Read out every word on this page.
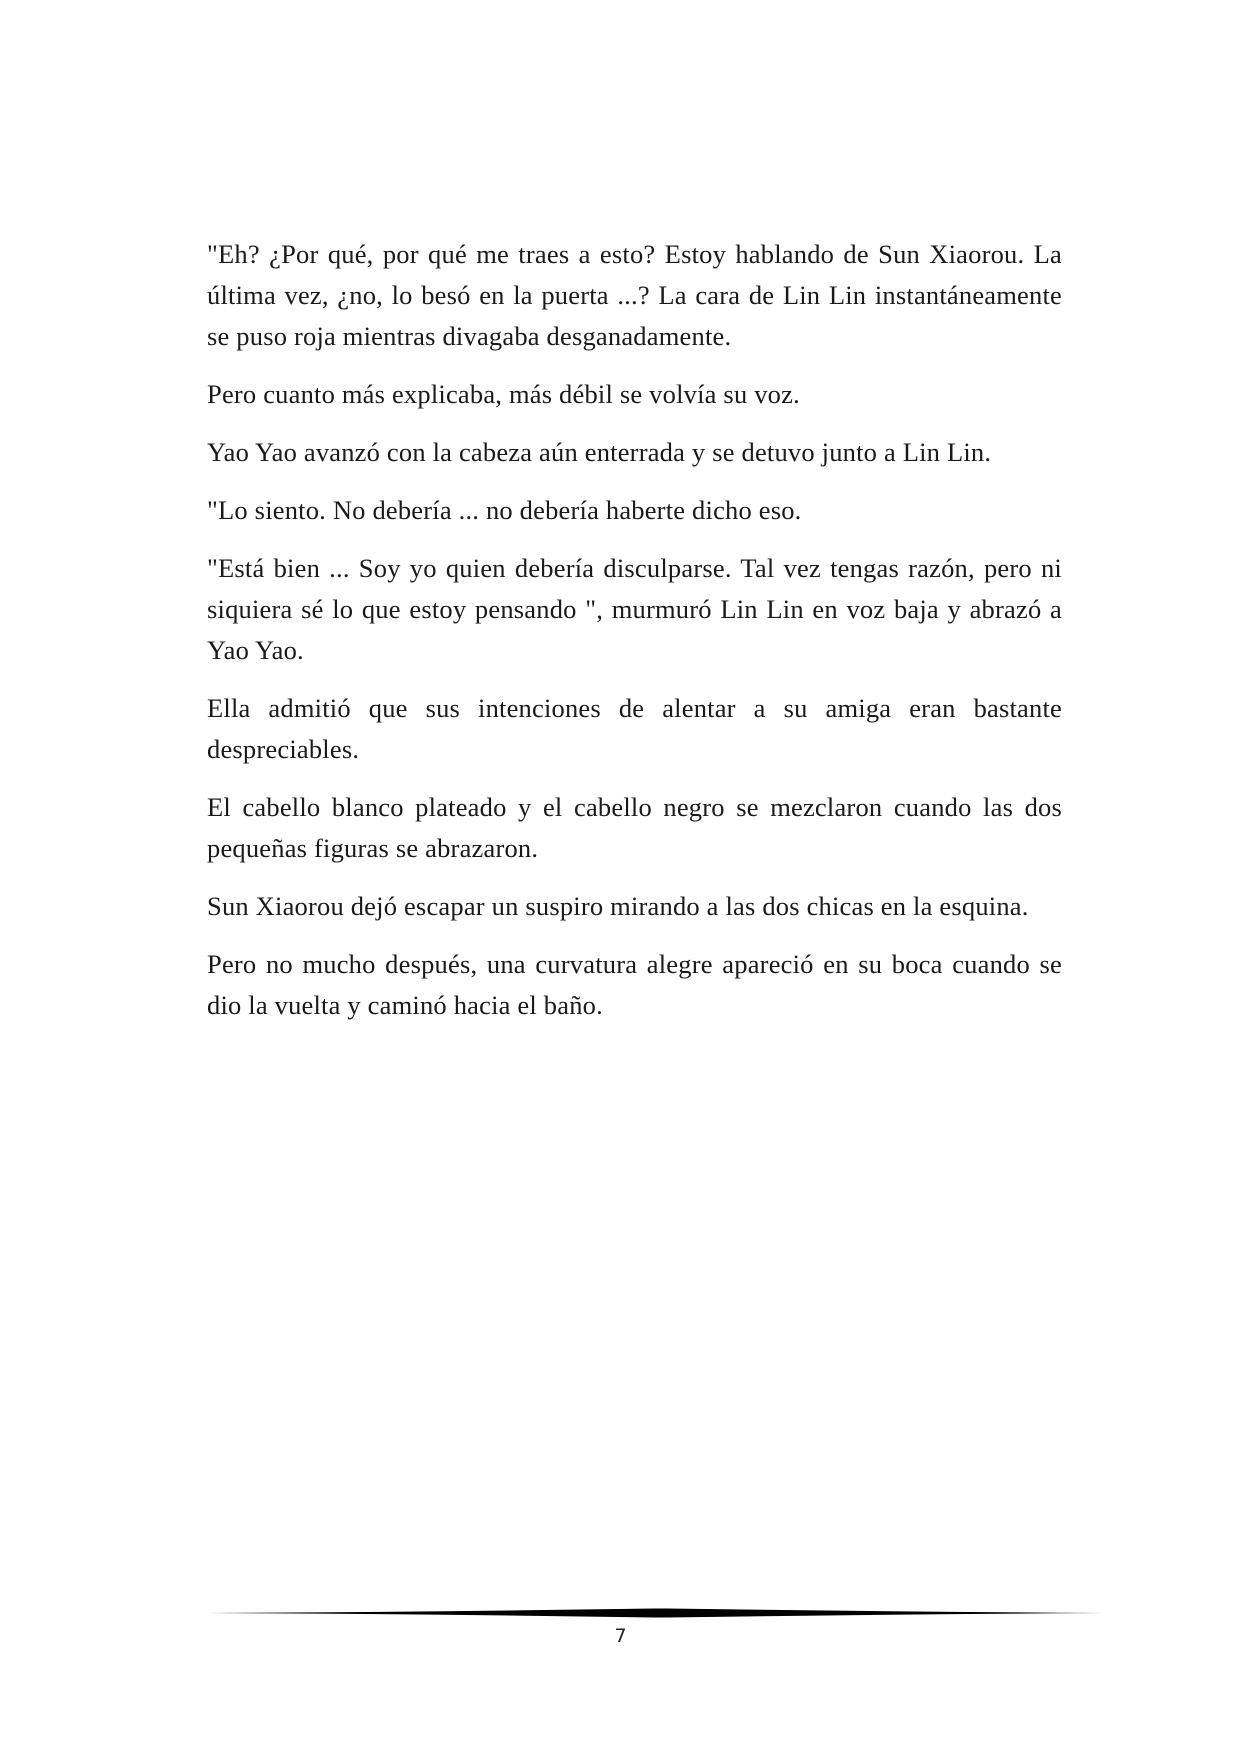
"Eh? ¿Por qué, por qué me traes a esto? Estoy hablando de Sun Xiaorou. La última vez, ¿no, lo besó en la puerta ...? La cara de Lin Lin instantáneamente se puso roja mientras divagaba desganadamente.

Pero cuanto más explicaba, más débil se volvía su voz.

Yao Yao avanzó con la cabeza aún enterrada y se detuvo junto a Lin Lin.

"Lo siento. No debería ... no debería haberte dicho eso.

"Está bien ... Soy yo quien debería disculparse. Tal vez tengas razón, pero ni siquiera sé lo que estoy pensando ", murmuró Lin Lin en voz baja y abrazó a Yao Yao.

Ella admitió que sus intenciones de alentar a su amiga eran bastante despreciables.

El cabello blanco plateado y el cabello negro se mezclaron cuando las dos pequeñas figuras se abrazaron.

Sun Xiaorou dejó escapar un suspiro mirando a las dos chicas en la esquina.

Pero no mucho después, una curvatura alegre apareció en su boca cuando se dio la vuelta y caminó hacia el baño.

7
